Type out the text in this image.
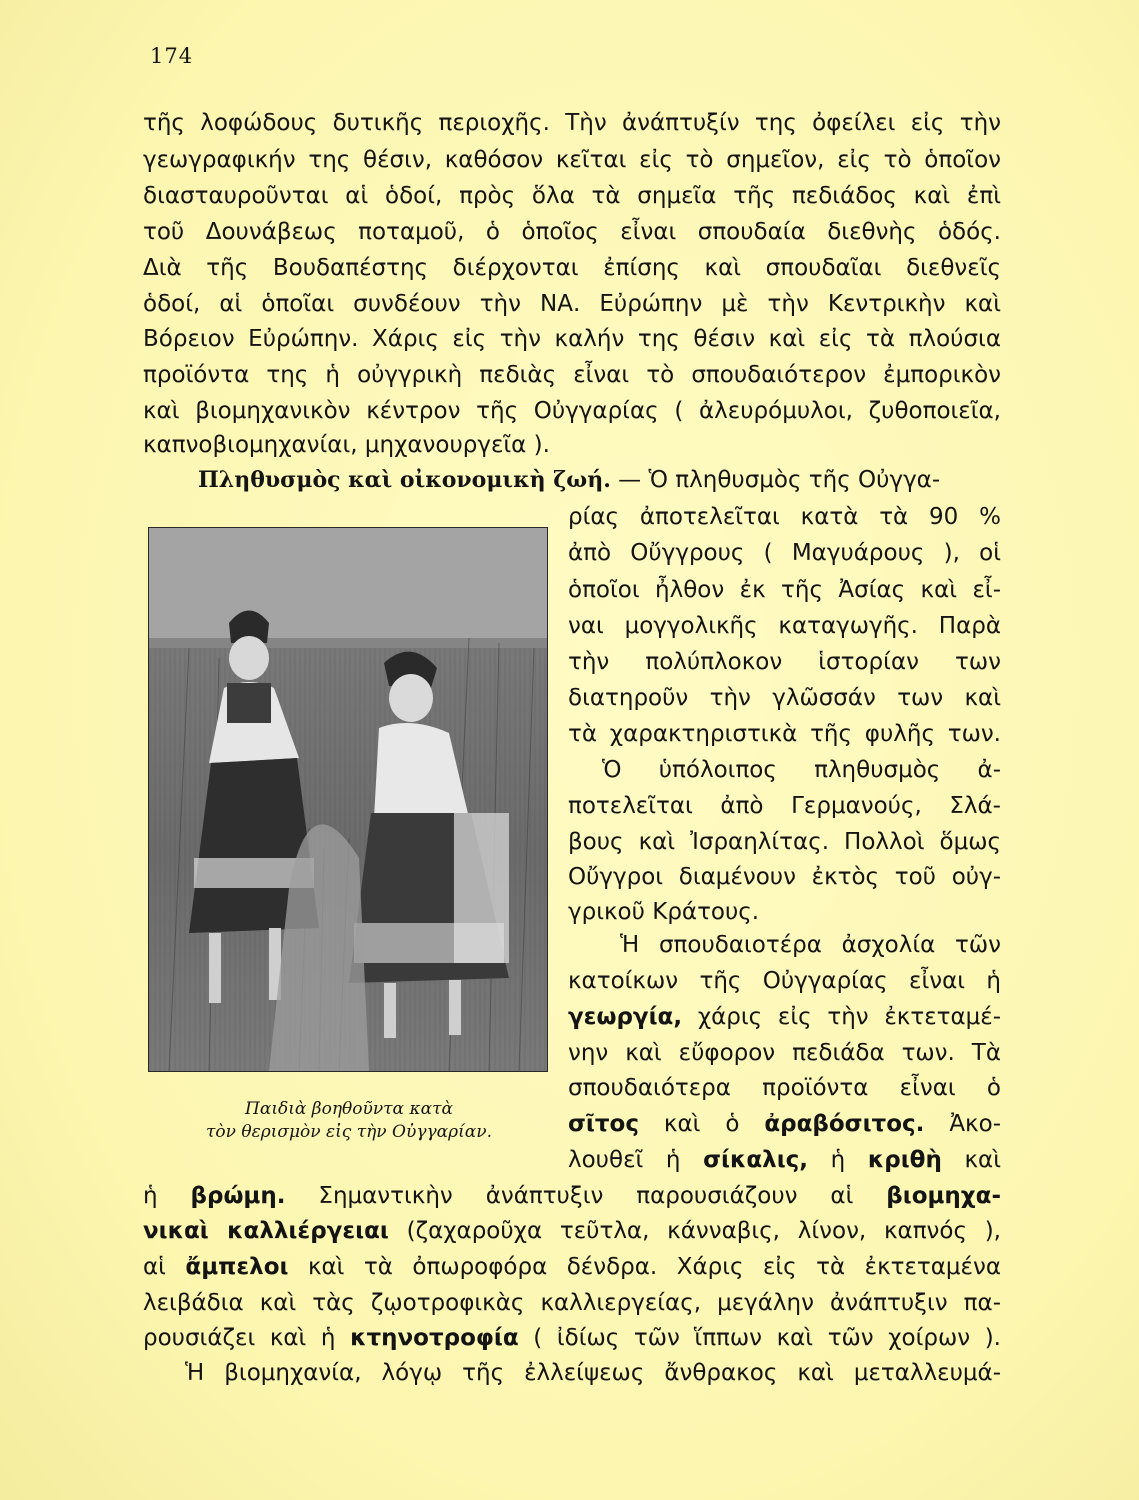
174
τῆς λοφώδους δυτικῆς περιοχῆς. Τὴν ἀνάπτυξίν της ὀφείλει εἰς τὴν
γεωγραφικήν της θέσιν, καθόσον κεῖται εἰς τὸ σημεῖον, εἰς τὸ ὁποῖον
διασταυροῦνται αἱ ὁδοί, πρὸς ὅλα τὰ σημεῖα τῆς πεδιάδος καὶ ἐπὶ
τοῦ Δουνάβεως ποταμοῦ, ὁ ὁποῖος εἶναι σπουδαία διεθνὴς ὁδός.
Διὰ τῆς Βουδαπέστης διέρχονται ἐπίσης καὶ σπουδαῖαι διεθνεῖς
ὁδοί, αἱ ὁποῖαι συνδέουν τὴν ΝΑ. Εὐρώπην μὲ τὴν Κεντρικὴν καὶ
Βόρειον Εὐρώπην. Χάρις εἰς τὴν καλήν της θέσιν καὶ εἰς τὰ πλούσια
προϊόντα της ἡ οὐγγρικὴ πεδιὰς εἶναι τὸ σπουδαιότερον ἐμπορικὸν
καὶ βιομηχανικὸν κέντρον τῆς Οὐγγαρίας ( ἀλευρόμυλοι, ζυθοποιεῖα,
καπνοβιομηχανίαι, μηχανουργεῖα ).
Πληθυσμὸς καὶ οἰκονομικὴ ζωή. — Ὁ πληθυσμὸς τῆς Οὐγγα-
ρίας ἀποτελεῖται κατὰ τὰ 90 %
ἀπὸ Οὔγγρους ( Μαγυάρους ), οἱ
ὁποῖοι ἦλθον ἐκ τῆς Ἀσίας καὶ εἶ-
ναι μογγολικῆς καταγωγῆς. Παρὰ
τὴν πολύπλοκον ἱστορίαν των
διατηροῦν τὴν γλῶσσάν των καὶ
τὰ χαρακτηριστικὰ τῆς φυλῆς των.
Ὁ ὑπόλοιπος πληθυσμὸς ἀ-
ποτελεῖται ἀπὸ Γερμανούς, Σλά-
βους καὶ Ἰσραηλίτας. Πολλοὶ ὅμως
Οὔγγροι διαμένουν ἐκτὸς τοῦ οὐγ-
γρικοῦ Κράτους.
Ἡ σπουδαιοτέρα ἀσχολία τῶν
κατοίκων τῆς Οὐγγαρίας εἶναι ἡ
γεωργία, χάρις εἰς τὴν ἐκτεταμέ-
νην καὶ εὔφορον πεδιάδα των. Τὰ
σπουδαιότερα προϊόντα εἶναι ὁ
σῖτος καὶ ὁ ἀραβόσιτος. Ἀκο-
λουθεῖ ἡ σίκαλις, ἡ κριθὴ καὶ
ἡ βρώμη. Σημαντικὴν ἀνάπτυξιν παρουσιάζουν αἱ βιομηχα-
νικαὶ καλλιέργειαι (ζαχαροῦχα τεῦτλα, κάνναβις, λίνον, καπνός ),
αἱ ἄμπελοι καὶ τὰ ὀπωροφόρα δένδρα. Χάρις εἰς τὰ ἐκτεταμένα
λειβάδια καὶ τὰς ζῳοτροφικὰς καλλιεργείας, μεγάλην ἀνάπτυξιν πα-
ρουσιάζει καὶ ἡ κτηνοτροφία ( ἰδίως τῶν ἵππων καὶ τῶν χοίρων ).
Ἡ βιομηχανία, λόγῳ τῆς ἐλλείψεως ἄνθρακος καὶ μεταλλευμά-
Παιδιὰ βοηθοῦντα κατὰ
τὸν θερισμὸν εἰς τὴν Οὐγγαρίαν.
